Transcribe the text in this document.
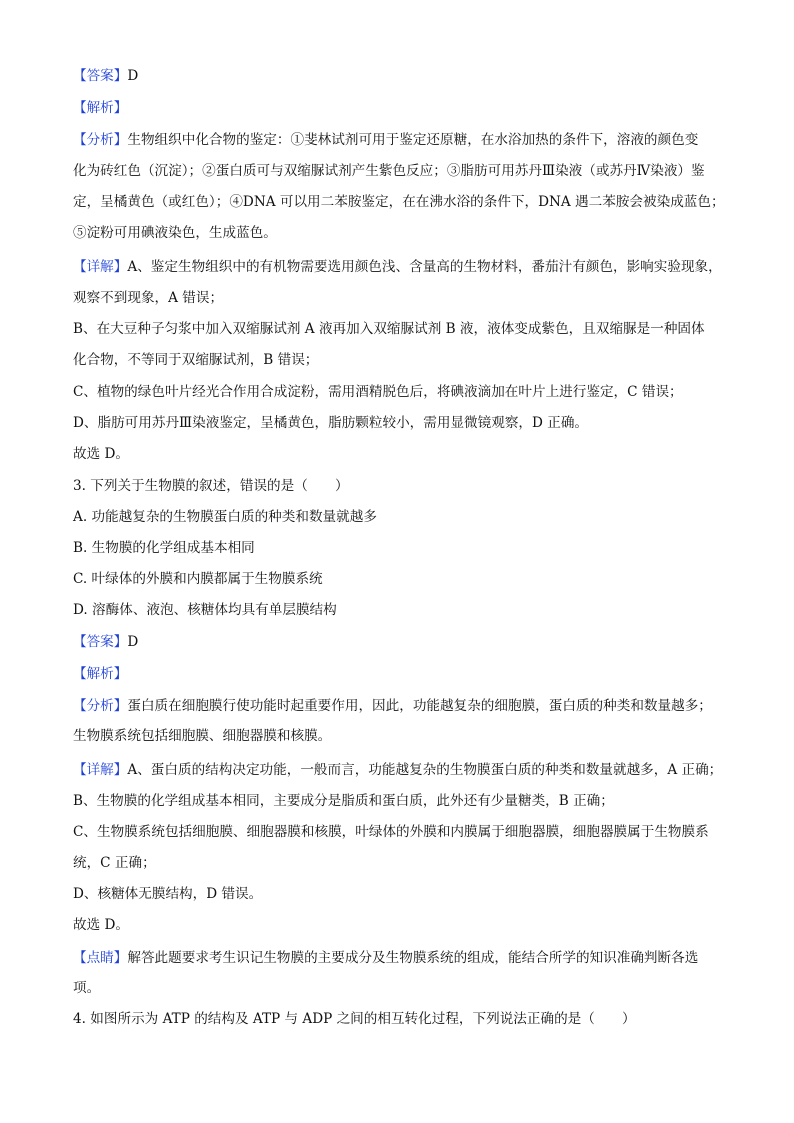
【答案】D
【解析】
【分析】生物组织中化合物的鉴定：①斐林试剂可用于鉴定还原糖，在水浴加热的条件下，溶液的颜色变
化为砖红色（沉淀）；②蛋白质可与双缩脲试剂产生紫色反应；③脂肪可用苏丹Ⅲ染液（或苏丹Ⅳ染液）鉴
定，呈橘黄色（或红色）；④DNA 可以用二苯胺鉴定，在在沸水浴的条件下，DNA 遇二苯胺会被染成蓝色；
⑤淀粉可用碘液染色，生成蓝色。
【详解】A、鉴定生物组织中的有机物需要选用颜色浅、含量高的生物材料，番茄汁有颜色，影响实验现象，
观察不到现象，A 错误；
B、在大豆种子匀浆中加入双缩脲试剂 A 液再加入双缩脲试剂 B 液，液体变成紫色，且双缩脲是一种固体
化合物，不等同于双缩脲试剂，B 错误；
C、植物的绿色叶片经光合作用合成淀粉，需用酒精脱色后，将碘液滴加在叶片上进行鉴定，C 错误；
D、脂肪可用苏丹Ⅲ染液鉴定，呈橘黄色，脂肪颗粒较小，需用显微镜观察，D 正确。
故选 D。
3. 下列关于生物膜的叙述，错误的是（　　）
A. 功能越复杂的生物膜蛋白质的种类和数量就越多
B. 生物膜的化学组成基本相同
C. 叶绿体的外膜和内膜都属于生物膜系统
D. 溶酶体、液泡、核糖体均具有单层膜结构
【答案】D
【解析】
【分析】蛋白质在细胞膜行使功能时起重要作用，因此，功能越复杂的细胞膜，蛋白质的种类和数量越多；
生物膜系统包括细胞膜、细胞器膜和核膜。
【详解】A、蛋白质的结构决定功能，一般而言，功能越复杂的生物膜蛋白质的种类和数量就越多，A 正确；
B、生物膜的化学组成基本相同，主要成分是脂质和蛋白质，此外还有少量糖类，B 正确；
C、生物膜系统包括细胞膜、细胞器膜和核膜，叶绿体的外膜和内膜属于细胞器膜，细胞器膜属于生物膜系
统，C 正确；
D、核糖体无膜结构，D 错误。
故选 D。
【点睛】解答此题要求考生识记生物膜的主要成分及生物膜系统的组成，能结合所学的知识准确判断各选
项。
4. 如图所示为 ATP 的结构及 ATP 与 ADP 之间的相互转化过程，下列说法正确的是（　　）
